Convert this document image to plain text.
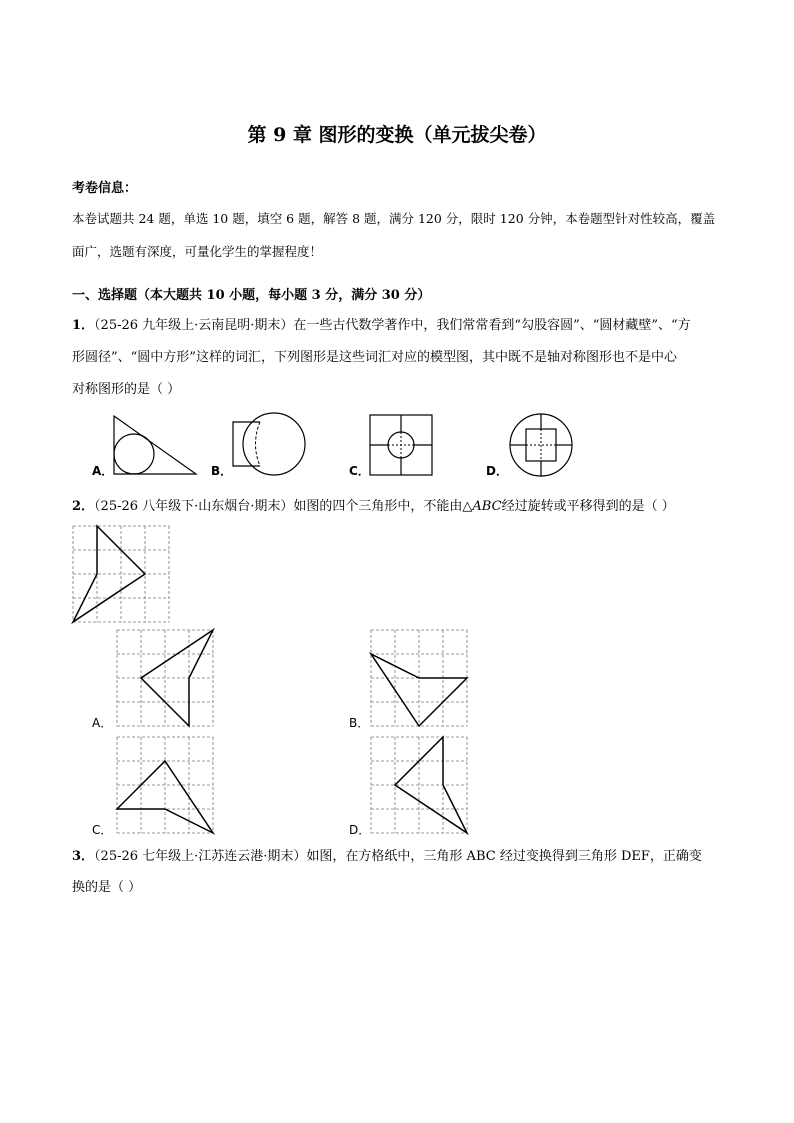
第 9 章 图形的变换（单元拔尖卷）
考卷信息：
本卷试题共 24 题，单选 10 题，填空 6 题，解答 8 题，满分 120 分，限时 120 分钟，本卷题型针对性较高，覆盖
面广，选题有深度，可量化学生的掌握程度！
一、选择题（本大题共 10 小题，每小题 3 分，满分 30 分）
1．（25-26 九年级上·云南昆明·期末）在一些古代数学著作中，我们常常看到“勾股容圆”、“圆材藏壁”、“方
形圆径”、“圆中方形”这样的词汇，下列图形是这些词汇对应的模型图，其中既不是轴对称图形也不是中心
对称图形的是（ ）
A．	B．	C．	D．
2．（25-26 八年级下·山东烟台·期末）如图的四个三角形中，不能由△ABC经过旋转或平移得到的是（ ）
A．	B．
C．	D．
3．（25-26 七年级上·江苏连云港·期末）如图，在方格纸中，三角形 ABC 经过变换得到三角形 DEF，正确变
换的是（ ）
